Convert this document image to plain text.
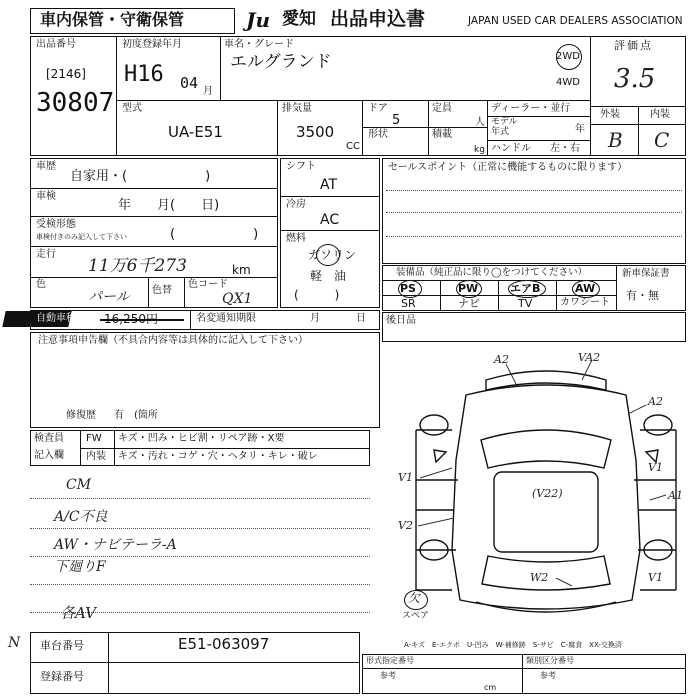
車内保管・守衛保管	Ju 愛知 出品申込書	JAPAN USED CAR DEALERS ASSOCIATION
出品番号
[2146]
30807
初度登録年月
H16 04 月
車名・グレード
エルグランド	2WD
4WD
評価点
3.5
外装	内装
B C
型式
UA-E51
排気量
3500
CC
ドア
5
形状
定員
人
積載
kg
ディーラー・並行
モデル
年式	年
ハンドル 左・右
車歴
自家用・(　　　　　　)
車検
年　　月(　　日)
受検形態
車検付きのみ記入して下さい	(　　　　　　)
走行
11万6千273	km
色
パール 色替
色コード
QX1
シフト
AT
冷房
AC
燃料
ガソリン
軽　油
(　　　)
セールスポイント（正常に機能するものに限ります）
装備品（純正品に限り◯をつけてください）
PS	PW	エアB	AW
SR	ナビ	TV	カワシート
新車保証書
有・無
自動車税 16,250円	名変通知期限	月	日
注意事項申告欄（不具合内容等は具体的に記入して下さい）
修復歴 有　(箇所
後日品
検査員
記入欄
FW キズ・凹み・ヒビ割・リペア跡・X要
内装 キズ・汚れ・コゲ・穴・ヘタリ・キレ・破レ
CM
A/C不良
AW・ナビテーラ-A
下廻りF
各AV
A2	VA2
A2
V1
V2
(V22)	A1
W2	V1
V1
欠
スペア
A-キズ　E-エクボ　U-凹み　W-補修跡　S-サビ　C-腐食　XX-交換済
車台番号	E51-063097
登録番号
形式指定番号
参考
cm
類別区分番号
参考
N
